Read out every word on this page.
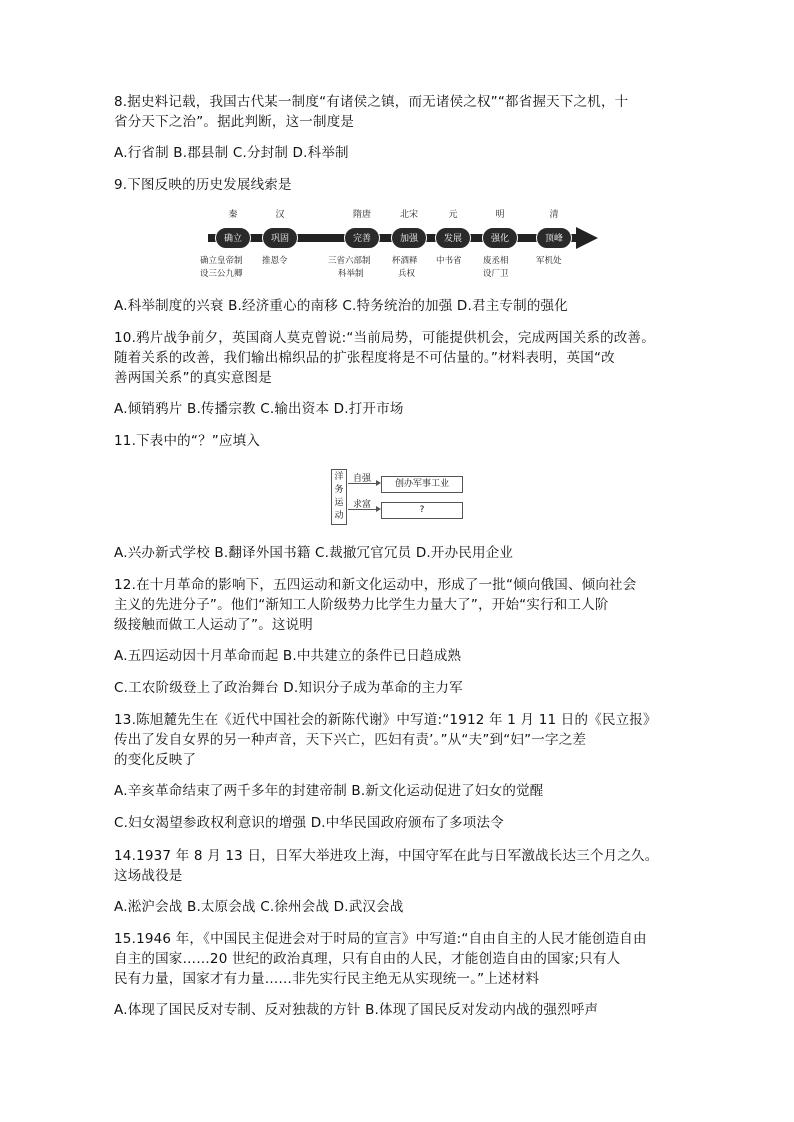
8.据史料记载，我国古代某一制度“有诸侯之镇，而无诸侯之权”“都省握天下之机，十
省分天下之治”。据此判断，这一制度是
A.行省制 B.郡县制 C.分封制 D.科举制
9.下图反映的历史发展线索是
秦
确立
确立皇帝制
设三公九卿
汉
巩固
推恩令
隋唐
完善
三省六部制
科举制
北宋
加强
杯酒释
兵权
元
发展
中书省
明
强化
废丞相
设厂卫
清
顶峰
军机处
A.科举制度的兴衰 B.经济重心的南移 C.特务统治的加强 D.君主专制的强化
10.鸦片战争前夕，英国商人莫克曾说:“当前局势，可能提供机会，完成两国关系的改善。
随着关系的改善，我们输出棉织品的扩张程度将是不可估量的。”材料表明，英国“改
善两国关系”的真实意图是
A.倾销鸦片 B.传播宗教 C.输出资本 D.打开市场
11.下表中的“？”应填入
洋务运动
自强	创办军事工业
求富	?
A.兴办新式学校 B.翻译外国书籍 C.裁撤冗官冗员 D.开办民用企业
12.在十月革命的影响下，五四运动和新文化运动中，形成了一批“倾向俄国、倾向社会
主义的先进分子”。他们“渐知工人阶级势力比学生力量大了”，开始“实行和工人阶
级接触而做工人运动了”。这说明
A.五四运动因十月革命而起 B.中共建立的条件已日趋成熟
C.工农阶级登上了政治舞台 D.知识分子成为革命的主力军
13.陈旭麓先生在《近代中国社会的新陈代谢》中写道:“1912 年 1 月 11 日的《民立报》
传出了发自女界的另一种声音，天下兴亡，匹妇有责’。”从“夫”到“妇”一字之差
的变化反映了
A.辛亥革命结束了两千多年的封建帝制 B.新文化运动促进了妇女的觉醒
C.妇女渴望参政权利意识的增强 D.中华民国政府颁布了多项法令
14.1937 年 8 月 13 日，日军大举进攻上海，中国守军在此与日军激战长达三个月之久。
这场战役是
A.淞沪会战 B.太原会战 C.徐州会战 D.武汉会战
15.1946 年，《中国民主促进会对于时局的宣言》中写道:“自由自主的人民才能创造自由
自主的国家……20 世纪的政治真理，只有自由的人民，才能创造自由的国家;只有人
民有力量，国家才有力量……非先实行民主绝无从实现统一。”上述材料
A.体现了国民反对专制、反对独裁的方针 B.体现了国民反对发动内战的强烈呼声
